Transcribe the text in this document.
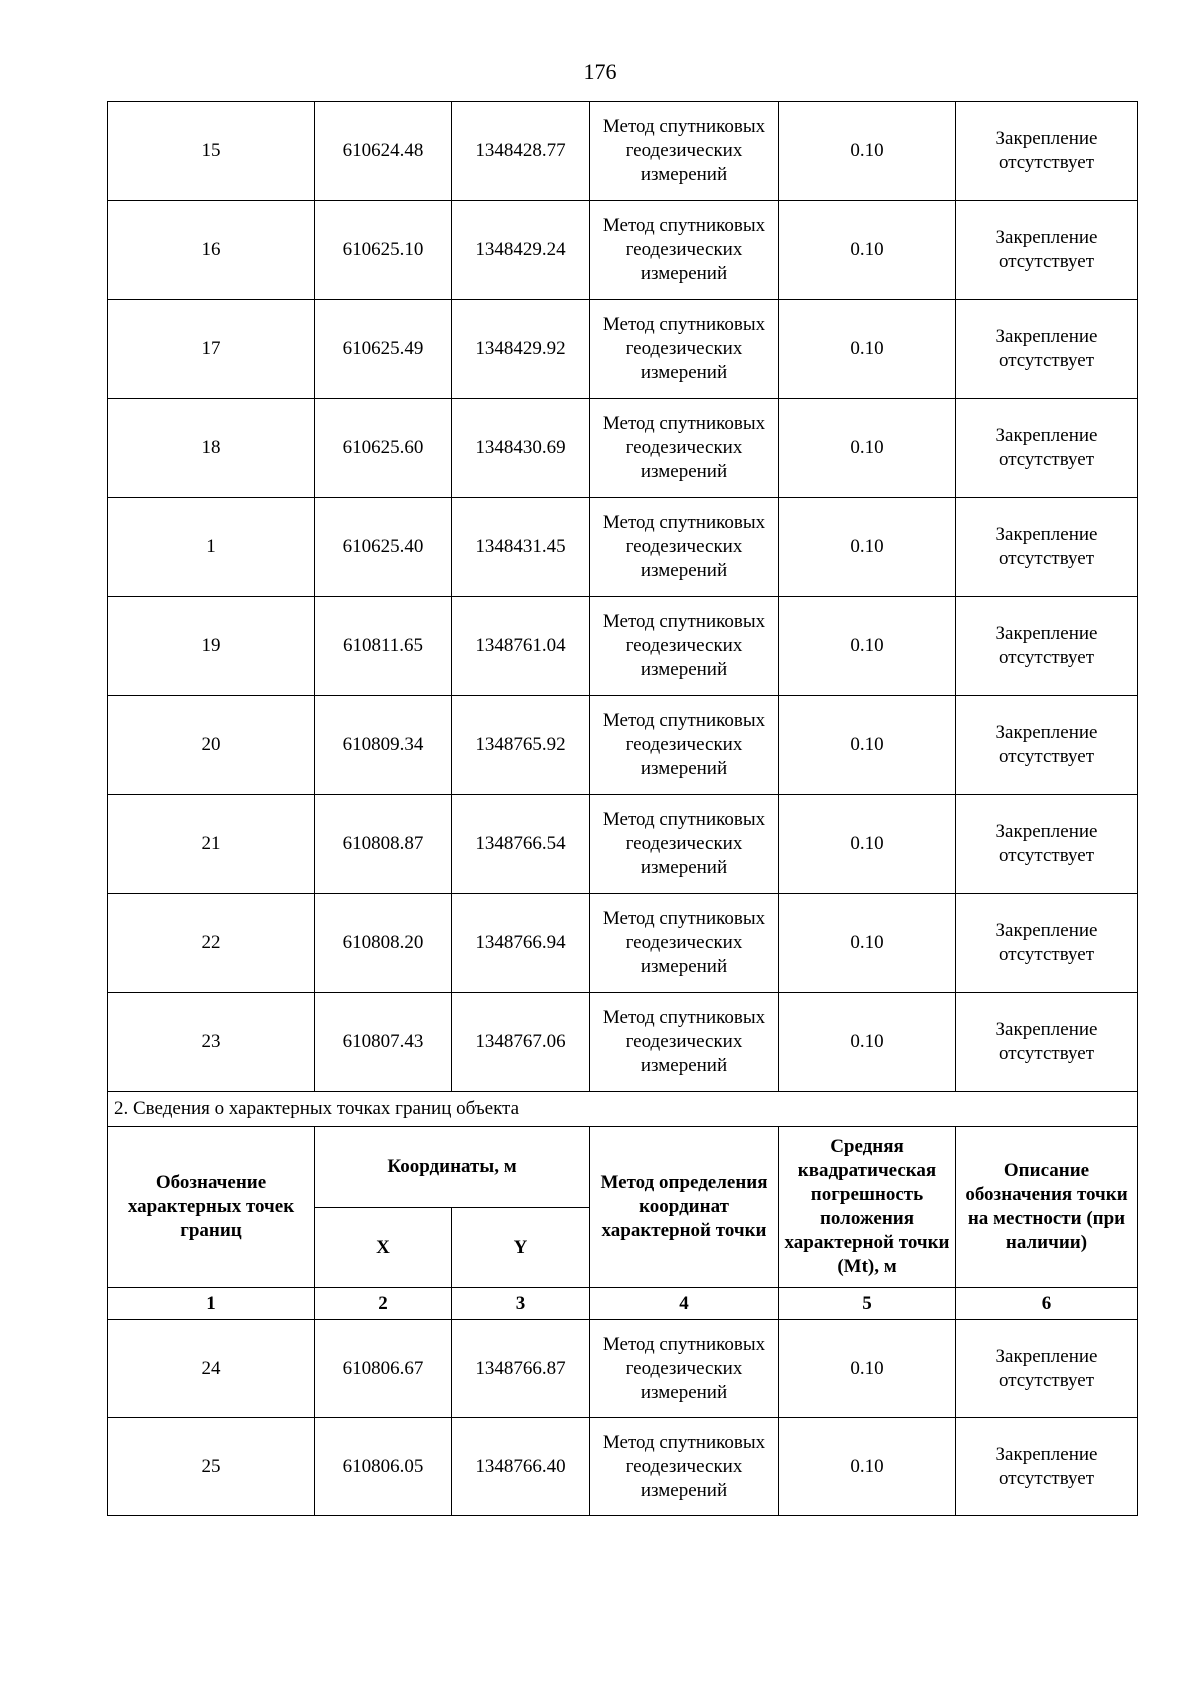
176
15	610624.48	1348428.77	Метод спутниковых геодезических измерений	0.10	Закрепление отсутствует
16	610625.10	1348429.24	Метод спутниковых геодезических измерений	0.10	Закрепление отсутствует
17	610625.49	1348429.92	Метод спутниковых геодезических измерений	0.10	Закрепление отсутствует
18	610625.60	1348430.69	Метод спутниковых геодезических измерений	0.10	Закрепление отсутствует
1	610625.40	1348431.45	Метод спутниковых геодезических измерений	0.10	Закрепление отсутствует
19	610811.65	1348761.04	Метод спутниковых геодезических измерений	0.10	Закрепление отсутствует
20	610809.34	1348765.92	Метод спутниковых геодезических измерений	0.10	Закрепление отсутствует
21	610808.87	1348766.54	Метод спутниковых геодезических измерений	0.10	Закрепление отсутствует
22	610808.20	1348766.94	Метод спутниковых геодезических измерений	0.10	Закрепление отсутствует
23	610807.43	1348767.06	Метод спутниковых геодезических измерений	0.10	Закрепление отсутствует
2. Сведения о характерных точках границ объекта					
Обозначение характерных точек границ	Координаты, м		Метод определения координат характерной точки	Средняя квадратическая погрешность положения характерной точки (Mt), м	Описание обозначения точки на местности (при наличии)
	X	Y			
1	2	3	4	5	6
24	610806.67	1348766.87	Метод спутниковых геодезических измерений	0.10	Закрепление отсутствует
25	610806.05	1348766.40	Метод спутниковых геодезических измерений	0.10	Закрепление отсутствует
